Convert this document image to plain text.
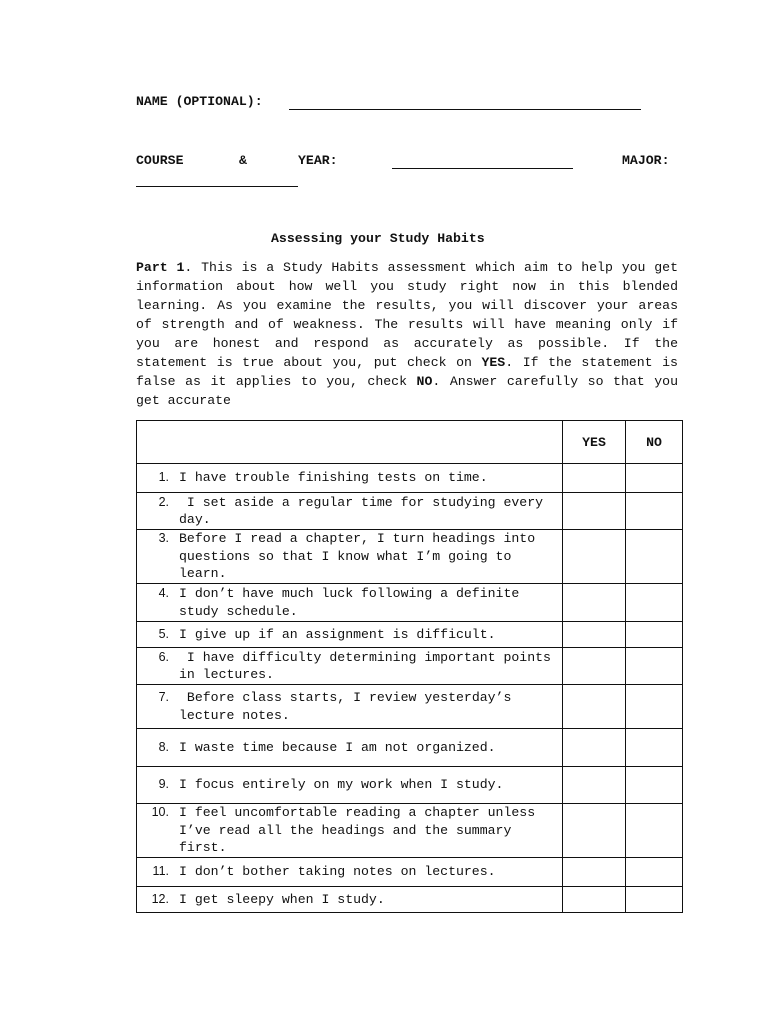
NAME (OPTIONAL):
COURSE	&	YEAR:	MAJOR:
Assessing your Study Habits

Part 1. This is a Study Habits assessment which aim to help you get information about how well you study right now in this blended learning. As you examine the results, you will discover your areas of strength and of weakness. The results will have meaning only if you are honest and respond as accurately as possible. If the statement is true about you, put check on YES. If the statement is false as it applies to you, check NO. Answer carefully so that you get accurate

	YES	NO

1. I have trouble finishing tests on time.		

2. I set aside a regular time for studying every day.		

3. Before I read a chapter, I turn headings into questions so that I know what I’m going to learn.		

4. I don’t have much luck following a definite study schedule.		

5. I give up if an assignment is difficult.		

6. I have difficulty determining important points in lectures.		

7. Before class starts, I review yesterday’s lecture notes.		

8. I waste time because I am not organized.		

9. I focus entirely on my work when I study.		

10. I feel uncomfortable reading a chapter unless I’ve read all the headings and the summary first.		

11. I don’t bother taking notes on lectures.		

12. I get sleepy when I study.		
